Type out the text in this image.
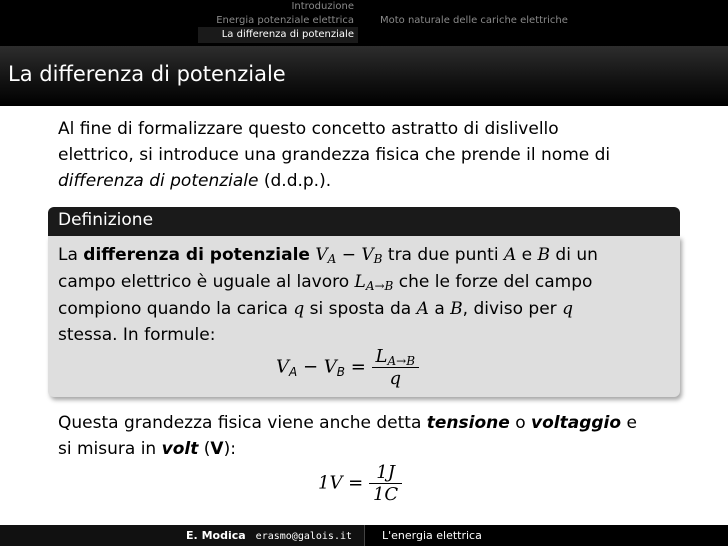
Introduzione
Energia potenziale elettrica
La differenza di potenziale
Moto naturale delle cariche elettriche
La differenza di potenziale
Al fine di formalizzare questo concetto astratto di dislivello
elettrico, si introduce una grandezza fisica che prende il nome di
differenza di potenziale (d.d.p.).
Definizione
La differenza di potenziale VA − VB tra due punti A e B di un
campo elettrico è uguale al lavoro LA→B che le forze del campo
compiono quando la carica q si sposta da A a B, diviso per q
stessa. In formule:
VA − VB = $\frac{LA\to B}{q}$
Questa grandezza fisica viene anche detta tensione o voltaggio e
si misura in volt (V):
$1V = \frac{1J}{1C}$
E. Modica erasmo@galois.it	L'energia elettrica
